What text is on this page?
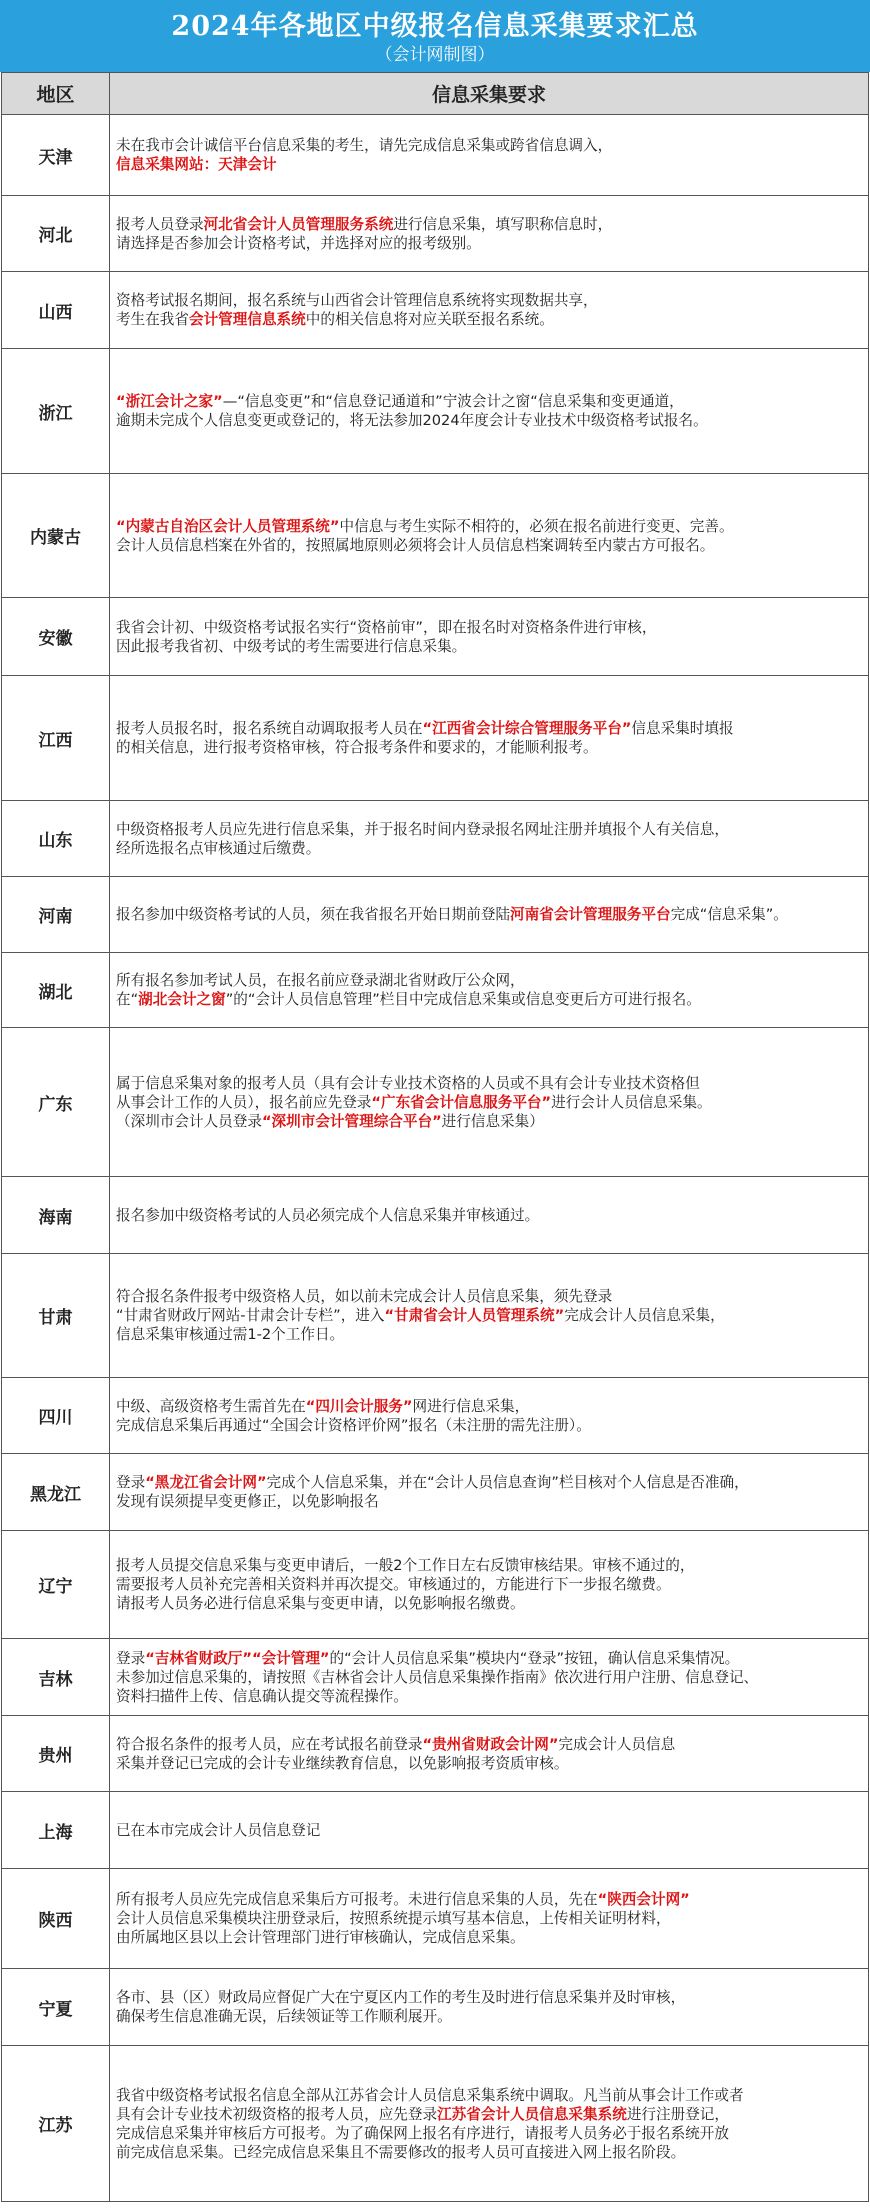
2024年各地区中级报名信息采集要求汇总
（会计网制图）
地区	信息采集要求
天津	未在我市会计诚信平台信息采集的考生，请先完成信息采集或跨省信息调入，
信息采集网站：天津会计

河北	报考人员登录河北省会计人员管理服务系统进行信息采集，填写职称信息时，
请选择是否参加会计资格考试，并选择对应的报考级别。

山西	资格考试报名期间，报名系统与山西省会计管理信息系统将实现数据共享，
考生在我省会计管理信息系统中的相关信息将对应关联至报名系统。

浙江	“浙江会计之家”—“信息变更”和“信息登记通道和”宁波会计之窗“信息采集和变更通道，
逾期未完成个人信息变更或登记的，将无法参加2024年度会计专业技术中级资格考试报名。

内蒙古	“内蒙古自治区会计人员管理系统”中信息与考生实际不相符的，必须在报名前进行变更、完善。
会计人员信息档案在外省的，按照属地原则必须将会计人员信息档案调转至内蒙古方可报名。

安徽	我省会计初、中级资格考试报名实行“资格前审”，即在报名时对资格条件进行审核，
因此报考我省初、中级考试的考生需要进行信息采集。

江西	报考人员报名时，报名系统自动调取报考人员在“江西省会计综合管理服务平台”信息采集时填报
的相关信息，进行报考资格审核，符合报考条件和要求的，才能顺利报考。

山东	中级资格报考人员应先进行信息采集，并于报名时间内登录报名网址注册并填报个人有关信息，
经所选报名点审核通过后缴费。

河南	报名参加中级资格考试的人员，须在我省报名开始日期前登陆河南省会计管理服务平台完成“信息采集”。

湖北	所有报名参加考试人员，在报名前应登录湖北省财政厅公众网，
在“湖北会计之窗”的“会计人员信息管理”栏目中完成信息采集或信息变更后方可进行报名。

广东	属于信息采集对象的报考人员（具有会计专业技术资格的人员或不具有会计专业技术资格但
从事会计工作的人员），报名前应先登录“广东省会计信息服务平台”进行会计人员信息采集。
（深圳市会计人员登录“深圳市会计管理综合平台”进行信息采集）

海南	报名参加中级资格考试的人员必须完成个人信息采集并审核通过。

甘肃	符合报名条件报考中级资格人员，如以前未完成会计人员信息采集，须先登录
“甘肃省财政厅网站-甘肃会计专栏”，进入“甘肃省会计人员管理系统”完成会计人员信息采集，
信息采集审核通过需1-2个工作日。

四川	中级、高级资格考生需首先在“四川会计服务”网进行信息采集，
完成信息采集后再通过“全国会计资格评价网”报名（未注册的需先注册）。

黑龙江	登录“黑龙江省会计网”完成个人信息采集，并在“会计人员信息查询”栏目核对个人信息是否准确，
发现有误须提早变更修正，以免影响报名

辽宁	报考人员提交信息采集与变更申请后，一般2个工作日左右反馈审核结果。审核不通过的，
需要报考人员补充完善相关资料并再次提交。审核通过的，方能进行下一步报名缴费。
请报考人员务必进行信息采集与变更申请，以免影响报名缴费。

吉林	登录“吉林省财政厅”“会计管理”的“会计人员信息采集”模块内“登录”按钮，确认信息采集情况。
未参加过信息采集的，请按照《吉林省会计人员信息采集操作指南》依次进行用户注册、信息登记、
资料扫描件上传、信息确认提交等流程操作。

贵州	符合报名条件的报考人员，应在考试报名前登录“贵州省财政会计网”完成会计人员信息
采集并登记已完成的会计专业继续教育信息，以免影响报考资质审核。

上海	已在本市完成会计人员信息登记

陕西	所有报考人员应先完成信息采集后方可报考。未进行信息采集的人员，先在“陕西会计网”
会计人员信息采集模块注册登录后，按照系统提示填写基本信息，上传相关证明材料，
由所属地区县以上会计管理部门进行审核确认，完成信息采集。

宁夏	各市、县（区）财政局应督促广大在宁夏区内工作的考生及时进行信息采集并及时审核，
确保考生信息准确无误，后续领证等工作顺利展开。

江苏	我省中级资格考试报名信息全部从江苏省会计人员信息采集系统中调取。凡当前从事会计工作或者
具有会计专业技术初级资格的报考人员，应先登录江苏省会计人员信息采集系统进行注册登记，
完成信息采集并审核后方可报考。为了确保网上报名有序进行，请报考人员务必于报名系统开放
前完成信息采集。已经完成信息采集且不需要修改的报考人员可直接进入网上报名阶段。
